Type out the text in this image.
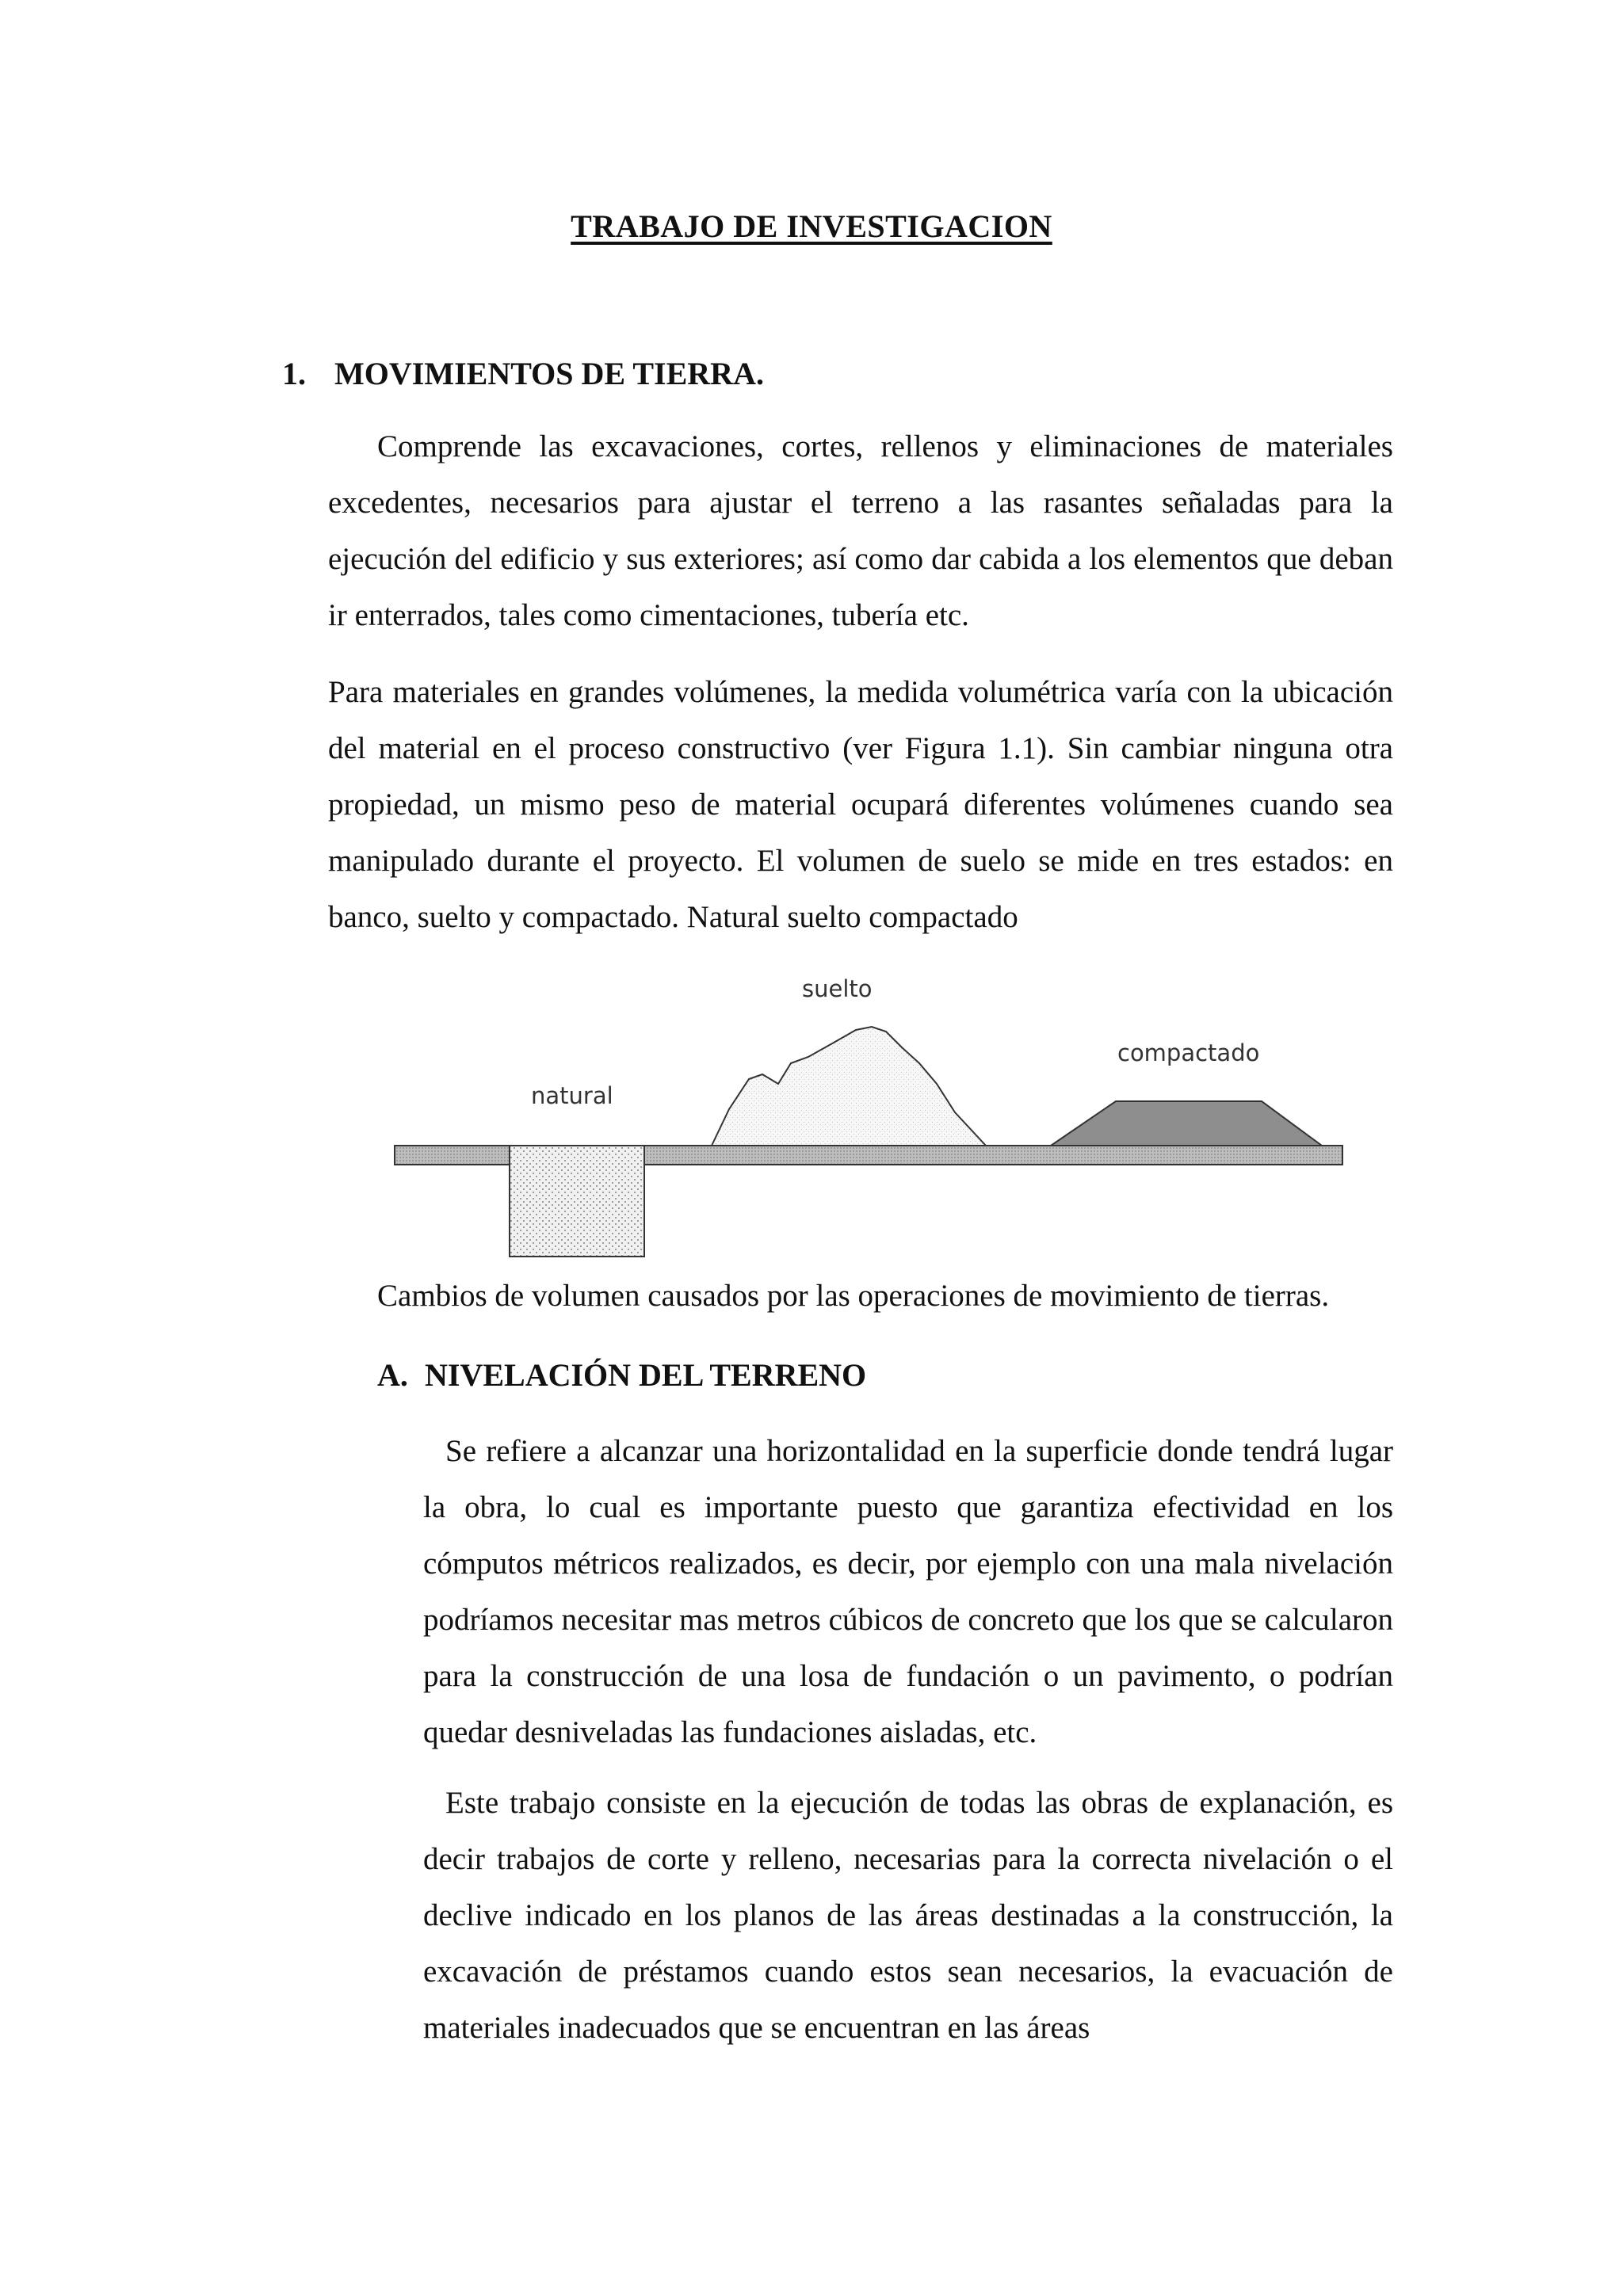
TRABAJO DE INVESTIGACION
1. MOVIMIENTOS DE TIERRA.

Comprende las excavaciones, cortes, rellenos y eliminaciones de materiales excedentes, necesarios para ajustar el terreno a las rasantes señaladas para la ejecución del edificio y sus exteriores; así como dar cabida a los elementos que deban ir enterrados, tales como cimentaciones, tubería etc.

Para materiales en grandes volúmenes, la medida volumétrica varía con la ubicación del material en el proceso constructivo (ver Figura 1.1). Sin cambiar ninguna otra propiedad, un mismo peso de material ocupará diferentes volúmenes cuando sea manipulado durante el proyecto. El volumen de suelo se mide en tres estados: en banco, suelto y compactado. Natural suelto compactado

natural
suelto
compactado
Cambios de volumen causados por las operaciones de movimiento de tierras.
A. NIVELACIÓN DEL TERRENO

Se refiere a alcanzar una horizontalidad en la superficie donde tendrá lugar la obra, lo cual es importante puesto que garantiza efectividad en los cómputos métricos realizados, es decir, por ejemplo con una mala nivelación podríamos necesitar mas metros cúbicos de concreto que los que se calcularon para la construcción de una losa de fundación o un pavimento, o podrían quedar desniveladas las fundaciones aisladas, etc.

Este trabajo consiste en la ejecución de todas las obras de explanación, es decir trabajos de corte y relleno, necesarias para la correcta nivelación o el declive indicado en los planos de las áreas destinadas a la construcción, la excavación de préstamos cuando estos sean necesarios, la evacuación de materiales inadecuados que se encuentran en las áreas
